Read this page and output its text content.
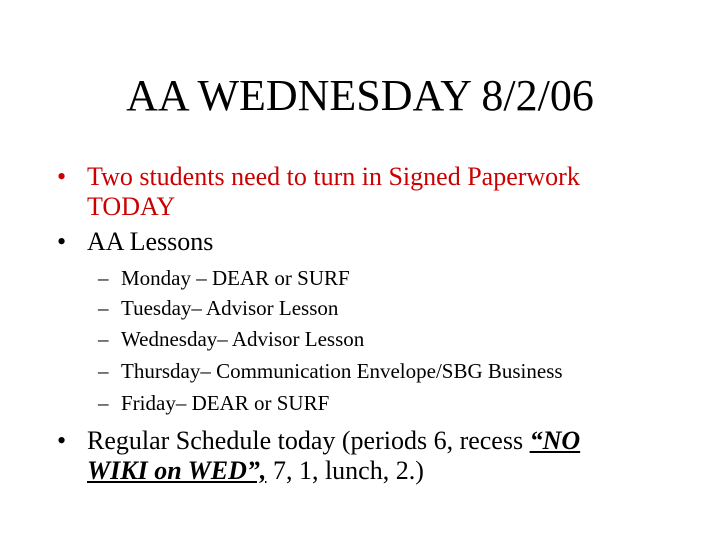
AA WEDNESDAY 8/2/06
• Two students need to turn in Signed Paperwork
TODAY
• AA Lessons
– Monday – DEAR or SURF
– Tuesday– Advisor Lesson
– Wednesday– Advisor Lesson
– Thursday– Communication Envelope/SBG Business
– Friday– DEAR or SURF
• Regular Schedule today (periods 6, recess “NO
WIKI on WED”, 7, 1, lunch, 2.)
